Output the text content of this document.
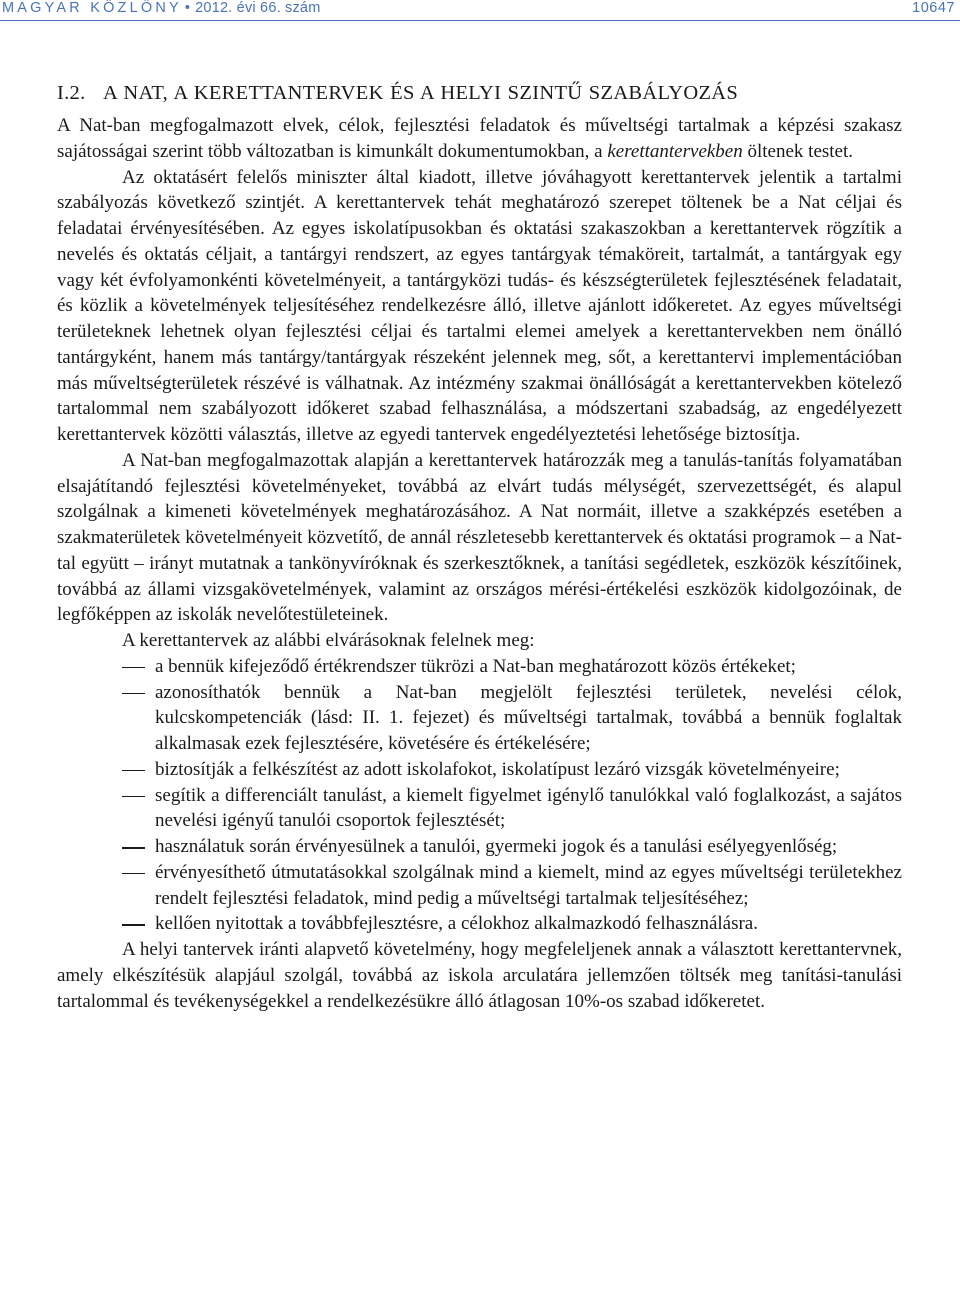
MAGYAR KÖZLÖNY • 2012. évi 66. szám	10647
I.2. A NAT, A KERETTANTERVEK ÉS A HELYI SZINTŰ SZABÁLYOZÁS

A Nat-ban megfogalmazott elvek, célok, fejlesztési feladatok és műveltségi tartalmak a képzési szakasz sajátosságai szerint több változatban is kimunkált dokumentumokban, a kerettantervekben öltenek testet.

Az oktatásért felelős miniszter által kiadott, illetve jóváhagyott kerettantervek jelentik a tartalmi szabályozás következő szintjét. A kerettantervek tehát meghatározó szerepet töltenek be a Nat céljai és feladatai érvényesítésében. Az egyes iskolatípusokban és oktatási szakaszokban a kerettantervek rögzítik a nevelés és oktatás céljait, a tantárgyi rendszert, az egyes tantárgyak témaköreit, tartalmát, a tantárgyak egy vagy két évfolyamonkénti követelményeit, a tantárgyközi tudás- és készségterületek fejlesztésének feladatait, és közlik a követelmények teljesítéséhez rendelkezésre álló, illetve ajánlott időkeretet. Az egyes műveltségi területeknek lehetnek olyan fejlesztési céljai és tartalmi elemei amelyek a kerettantervekben nem önálló tantárgyként, hanem más tantárgy/tantárgyak részeként jelennek meg, sőt, a kerettantervi implementációban más műveltségterületek részévé is válhatnak. Az intézmény szakmai önállóságát a kerettantervekben kötelező tartalommal nem szabályozott időkeret szabad felhasználása, a módszertani szabadság, az engedélyezett kerettantervek közötti választás, illetve az egyedi tantervek engedélyeztetési lehetősége biztosítja.

A Nat-ban megfogalmazottak alapján a kerettantervek határozzák meg a tanulás-tanítás folyamatában elsajátítandó fejlesztési követelményeket, továbbá az elvárt tudás mélységét, szervezettségét, és alapul szolgálnak a kimeneti követelmények meghatározásához. A Nat normáit, illetve a szakképzés esetében a szakmaterületek követelményeit közvetítő, de annál részletesebb kerettantervek és oktatási programok – a Nat-tal együtt – irányt mutatnak a tankönyvíróknak és szerkesztőknek, a tanítási segédletek, eszközök készítőinek, továbbá az állami vizsgakövetelmények, valamint az országos mérési-értékelési eszközök kidolgozóinak, de legfőképpen az iskolák nevelőtestületeinek.

A kerettantervek az alábbi elvárásoknak felelnek meg:

a bennük kifejeződő értékrendszer tükrözi a Nat-ban meghatározott közös értékeket;
azonosíthatók bennük a Nat-ban megjelölt fejlesztési területek, nevelési célok, kulcskompetenciák (lásd: II. 1. fejezet) és műveltségi tartalmak, továbbá a bennük foglaltak alkalmasak ezek fejlesztésére, követésére és értékelésére;
biztosítják a felkészítést az adott iskolafokot, iskolatípust lezáró vizsgák követelményeire;
segítik a differenciált tanulást, a kiemelt figyelmet igénylő tanulókkal való foglalkozást, a sajátos nevelési igényű tanulói csoportok fejlesztését;
használatuk során érvényesülnek a tanulói, gyermeki jogok és a tanulási esélyegyenlőség;
érvényesíthető útmutatásokkal szolgálnak mind a kiemelt, mind az egyes műveltségi területekhez rendelt fejlesztési feladatok, mind pedig a műveltségi tartalmak teljesítéséhez;
kellően nyitottak a továbbfejlesztésre, a célokhoz alkalmazkodó felhasználásra.

A helyi tantervek iránti alapvető követelmény, hogy megfeleljenek annak a választott kerettantervnek, amely elkészítésük alapjául szolgál, továbbá az iskola arculatára jellemzően töltsék meg tanítási-tanulási tartalommal és tevékenységekkel a rendelkezésükre álló átlagosan 10%-os szabad időkeretet.
